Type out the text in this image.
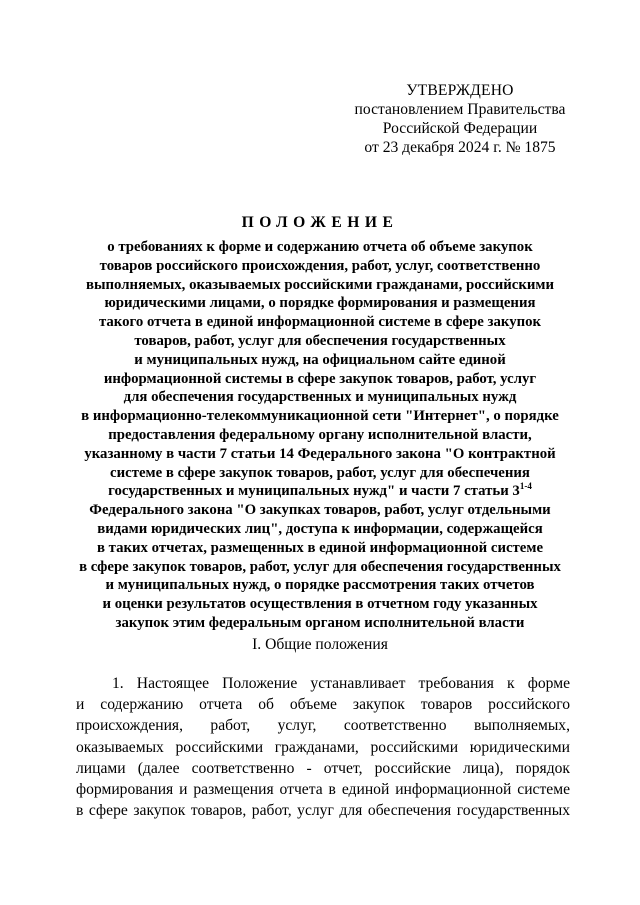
УТВЕРЖДЕНО
постановлением Правительства
Российской Федерации
от 23 декабря 2024 г. № 1875
ПОЛОЖЕНИЕ
о требованиях к форме и содержанию отчета об объеме закупок
товаров российского происхождения, работ, услуг, соответственно
выполняемых, оказываемых российскими гражданами, российскими
юридическими лицами, о порядке формирования и размещения
такого отчета в единой информационной системе в сфере закупок
товаров, работ, услуг для обеспечения государственных
и муниципальных нужд, на официальном сайте единой
информационной системы в сфере закупок товаров, работ, услуг
для обеспечения государственных и муниципальных нужд
в информационно-телекоммуникационной сети "Интернет", о порядке
предоставления федеральному органу исполнительной власти,
указанному в части 7 статьи 14 Федерального закона "О контрактной
системе в сфере закупок товаров, работ, услуг для обеспечения
государственных и муниципальных нужд" и части 7 статьи 3$^{1-4}$
Федерального закона "О закупках товаров, работ, услуг отдельными
видами юридических лиц", доступа к информации, содержащейся
в таких отчетах, размещенных в единой информационной системе
в сфере закупок товаров, работ, услуг для обеспечения государственных
и муниципальных нужд, о порядке рассмотрения таких отчетов
и оценки результатов осуществления в отчетном году указанных
закупок этим федеральным органом исполнительной власти
I. Общие положения
1. Настоящее Положение устанавливает требования к форме
и содержанию отчета об объеме закупок товаров российского
происхождения, работ, услуг, соответственно выполняемых,
оказываемых российскими гражданами, российскими юридическими
лицами (далее соответственно - отчет, российские лица), порядок
формирования и размещения отчета в единой информационной системе
в сфере закупок товаров, работ, услуг для обеспечения государственных
